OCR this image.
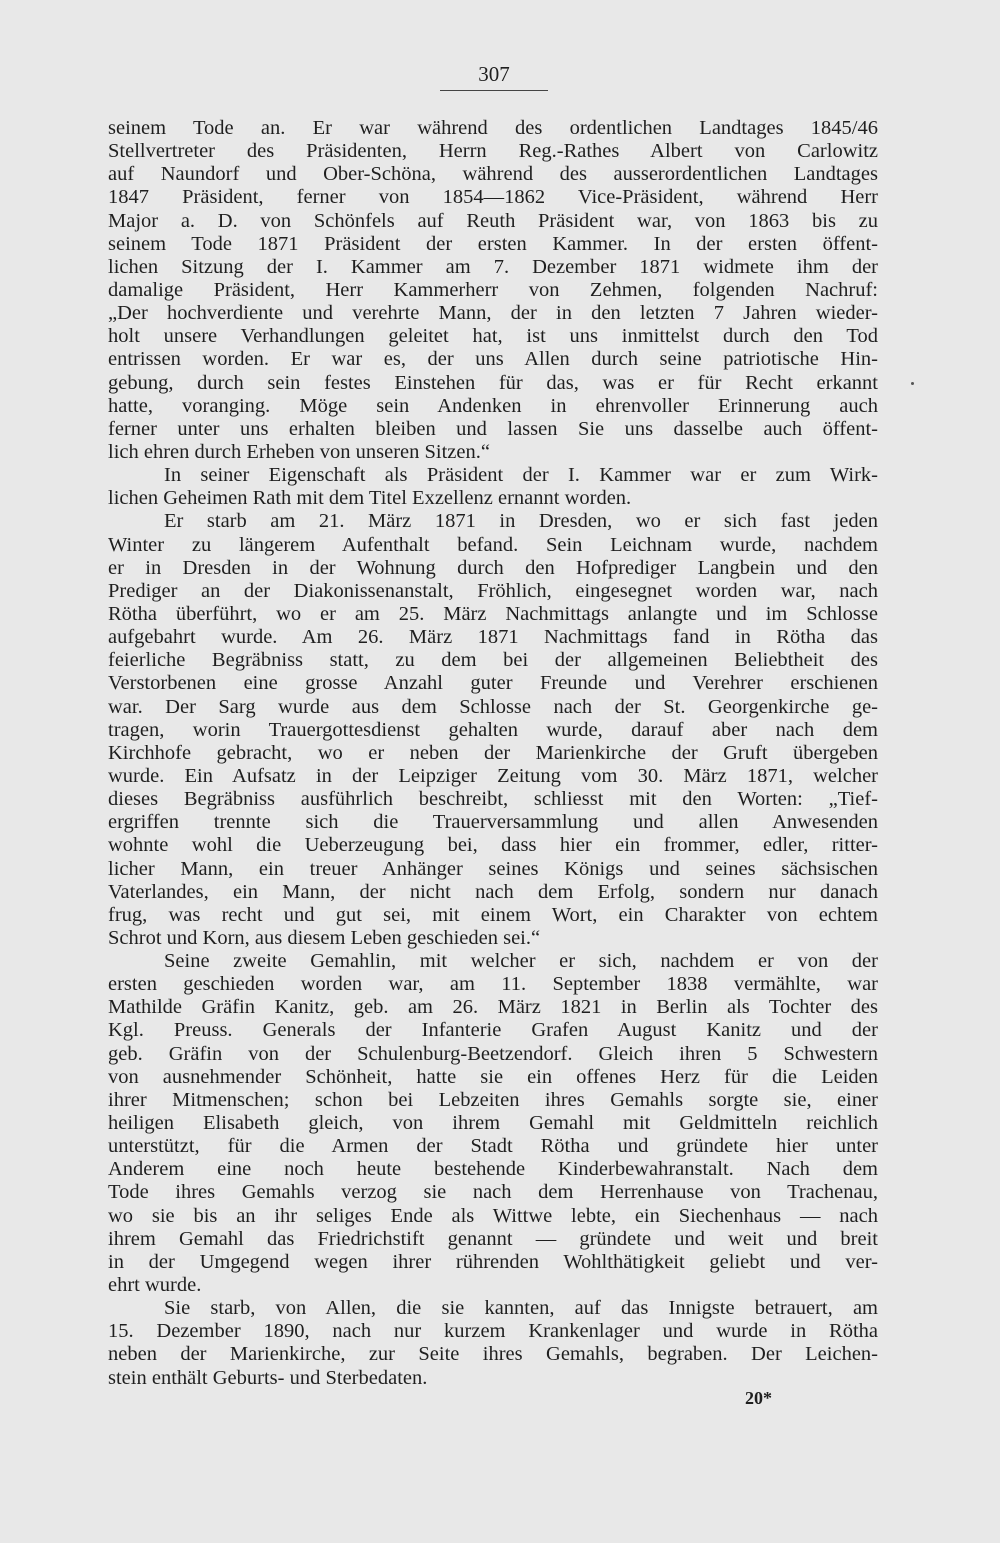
307
seinem Tode an. Er war während des ordentlichen Landtages 1845/46
Stellvertreter des Präsidenten, Herrn Reg.-Rathes Albert von Carlowitz
auf Naundorf und Ober-Schöna, während des ausserordentlichen Landtages
1847 Präsident, ferner von 1854—1862 Vice-Präsident, während Herr
Major a. D. von Schönfels auf Reuth Präsident war, von 1863 bis zu
seinem Tode 1871 Präsident der ersten Kammer. In der ersten öffent-
lichen Sitzung der I. Kammer am 7. Dezember 1871 widmete ihm der
damalige Präsident, Herr Kammerherr von Zehmen, folgenden Nachruf:
„Der hochverdiente und verehrte Mann, der in den letzten 7 Jahren wieder-
holt unsere Verhandlungen geleitet hat, ist uns inmittelst durch den Tod
entrissen worden. Er war es, der uns Allen durch seine patriotische Hin-
gebung, durch sein festes Einstehen für das, was er für Recht erkannt
hatte, voranging. Möge sein Andenken in ehrenvoller Erinnerung auch
ferner unter uns erhalten bleiben und lassen Sie uns dasselbe auch öffent-
lich ehren durch Erheben von unseren Sitzen.“
In seiner Eigenschaft als Präsident der I. Kammer war er zum Wirk-
lichen Geheimen Rath mit dem Titel Exzellenz ernannt worden.
Er starb am 21. März 1871 in Dresden, wo er sich fast jeden
Winter zu längerem Aufenthalt befand. Sein Leichnam wurde, nachdem
er in Dresden in der Wohnung durch den Hofprediger Langbein und den
Prediger an der Diakonissenanstalt, Fröhlich, eingesegnet worden war, nach
Rötha überführt, wo er am 25. März Nachmittags anlangte und im Schlosse
aufgebahrt wurde. Am 26. März 1871 Nachmittags fand in Rötha das
feierliche Begräbniss statt, zu dem bei der allgemeinen Beliebtheit des
Verstorbenen eine grosse Anzahl guter Freunde und Verehrer erschienen
war. Der Sarg wurde aus dem Schlosse nach der St. Georgenkirche ge-
tragen, worin Trauergottesdienst gehalten wurde, darauf aber nach dem
Kirchhofe gebracht, wo er neben der Marienkirche der Gruft übergeben
wurde. Ein Aufsatz in der Leipziger Zeitung vom 30. März 1871, welcher
dieses Begräbniss ausführlich beschreibt, schliesst mit den Worten: „Tief-
ergriffen trennte sich die Trauerversammlung und allen Anwesenden
wohnte wohl die Ueberzeugung bei, dass hier ein frommer, edler, ritter-
licher Mann, ein treuer Anhänger seines Königs und seines sächsischen
Vaterlandes, ein Mann, der nicht nach dem Erfolg, sondern nur danach
frug, was recht und gut sei, mit einem Wort, ein Charakter von echtem
Schrot und Korn, aus diesem Leben geschieden sei.“
Seine zweite Gemahlin, mit welcher er sich, nachdem er von der
ersten geschieden worden war, am 11. September 1838 vermählte, war
Mathilde Gräfin Kanitz, geb. am 26. März 1821 in Berlin als Tochter des
Kgl. Preuss. Generals der Infanterie Grafen August Kanitz und der
geb. Gräfin von der Schulenburg-Beetzendorf. Gleich ihren 5 Schwestern
von ausnehmender Schönheit, hatte sie ein offenes Herz für die Leiden
ihrer Mitmenschen; schon bei Lebzeiten ihres Gemahls sorgte sie, einer
heiligen Elisabeth gleich, von ihrem Gemahl mit Geldmitteln reichlich
unterstützt, für die Armen der Stadt Rötha und gründete hier unter
Anderem eine noch heute bestehende Kinderbewahranstalt. Nach dem
Tode ihres Gemahls verzog sie nach dem Herrenhause von Trachenau,
wo sie bis an ihr seliges Ende als Wittwe lebte, ein Siechenhaus — nach
ihrem Gemahl das Friedrichstift genannt — gründete und weit und breit
in der Umgegend wegen ihrer rührenden Wohlthätigkeit geliebt und ver-
ehrt wurde.
Sie starb, von Allen, die sie kannten, auf das Innigste betrauert, am
15. Dezember 1890, nach nur kurzem Krankenlager und wurde in Rötha
neben der Marienkirche, zur Seite ihres Gemahls, begraben. Der Leichen-
stein enthält Geburts- und Sterbedaten.
20*
